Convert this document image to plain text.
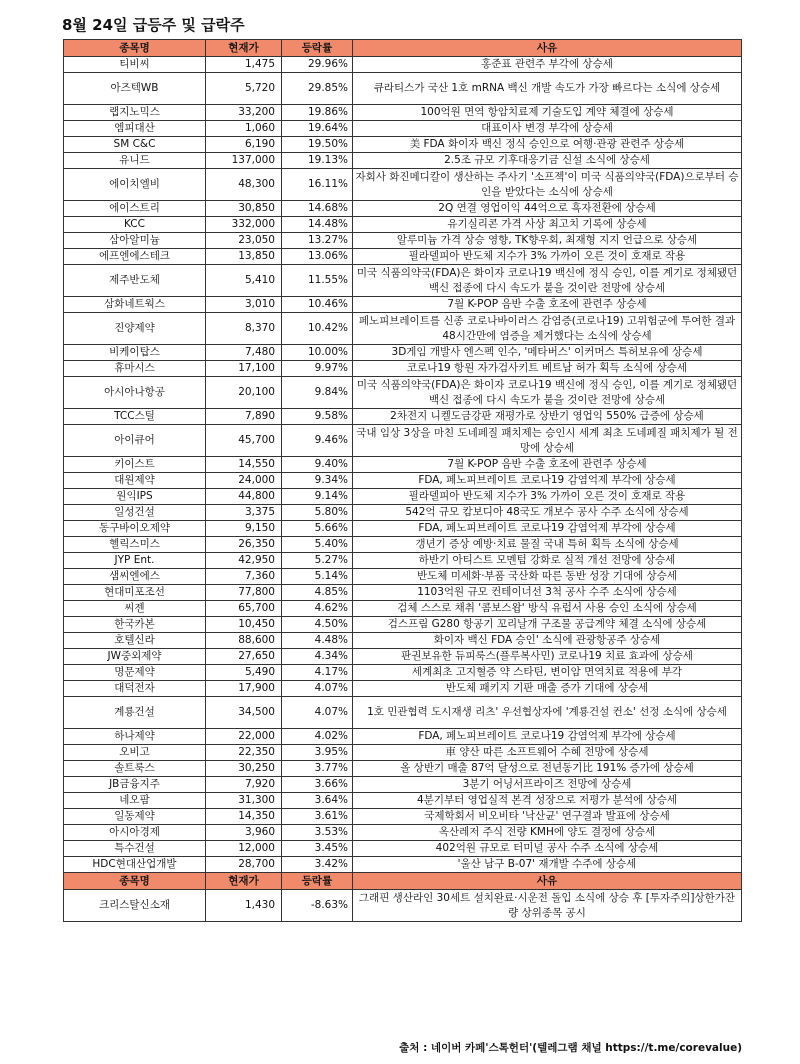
8월 24일 급등주 및 급락주
종목명	현재가	등락률	사유
티비씨	1,475	29.96%	홍준표 관련주 부각에 상승세
아즈텍WB	5,720	29.85%	큐라티스가 국산 1호 mRNA 백신 개발 속도가 가장 빠르다는 소식에 상승세
랩지노믹스	33,200	19.86%	100억원 면역 항암치료제 기술도입 계약 체결에 상승세
엠피대산	1,060	19.64%	대표이사 변경 부각에 상승세
SM C&C	6,190	19.50%	美 FDA 화이자 백신 정식 승인으로 여행·관광 관련주 상승세
유니드	137,000	19.13%	2.5조 규모 기후대응기금 신설 소식에 상승세
에이치엘비	48,300	16.11%	자회사 화진메디칼이 생산하는 주사기 '소프젝'이 미국 식품의약국(FDA)으로부터 승인을 받았다는 소식에 상승세
에이스트리	30,850	14.68%	2Q 연결 영업이익 44억으로 흑자전환에 상승세
KCC	332,000	14.48%	유기실리콘 가격 사상 최고치 기록에 상승세
삼아알미늄	23,050	13.27%	알루미늄 가격 상승 영향, TK향우회, 최재형 지지 언급으로 상승세
에프엔에스테크	13,850	13.06%	필라델피아 반도체 지수가 3% 가까이 오른 것이 호재로 작용
제주반도체	5,410	11.55%	미국 식품의약국(FDA)은 화이자 코로나19 백신에 정식 승인, 이를 계기로 정체됐던 백신 접종에 다시 속도가 붙을 것이란 전망에 상승세
삼화네트웍스	3,010	10.46%	7월 K-POP 음반 수출 호조에 관련주 상승세
진양제약	8,370	10.42%	페노피브레이트를 신종 코로나바이러스 감염증(코로나19) 고위험군에 투여한 결과 48시간만에 염증을 제거했다는 소식에 상승세
비케이탑스	7,480	10.00%	3D게임 개발사 엔스펙 인수, '메타버스' 이커머스 특허보유에 상승세
휴마시스	17,100	9.97%	코로나19 항원 자가검사키트 베트남 허가 획득 소식에 상승세
아시아나항공	20,100	9.84%	미국 식품의약국(FDA)은 화이자 코로나19 백신에 정식 승인, 이를 계기로 정체됐던 백신 접종에 다시 속도가 붙을 것이란 전망에 상승세
TCC스틸	7,890	9.58%	2차전지 니켈도금강판 재평가로 상반기 영업익 550% 급증에 상승세
아이큐어	45,700	9.46%	국내 임상 3상을 마친 도네페질 패치제는 승인시 세계 최초 도네페질 패치제가 될 전망에 상승세
키이스트	14,550	9.40%	7월 K-POP 음반 수출 호조에 관련주 상승세
대원제약	24,000	9.34%	FDA, 페노피브레이트 코로나19 감염억제 부각에 상승세
원익IPS	44,800	9.14%	필라델피아 반도체 지수가 3% 가까이 오른 것이 호재로 작용
일성건설	3,375	5.80%	542억 규모 캄보디아 48국도 개보수 공사 수주 소식에 상승세
동구바이오제약	9,150	5.66%	FDA, 페노피브레이트 코로나19 감염억제 부각에 상승세
헬릭스미스	26,350	5.40%	갱년기 증상 예방·치료 물질 국내 특허 획득 소식에 상승세
JYP Ent.	42,950	5.27%	하반기 아티스트 모멘텀 강화로 실적 개선 전망에 상승세
샘씨엔에스	7,360	5.14%	반도체 미세화·부품 국산화 따른 동반 성장 기대에 상승세
현대미포조선	77,800	4.85%	1103억원 규모 컨테이너선 3척 공사 수주 소식에 상승세
씨젠	65,700	4.62%	검체 스스로 채취 '콤보스왑' 방식 유럽서 사용 승인 소식에 상승세
한국카본	10,450	4.50%	검스프림 G280 항공기 꼬리날개 구조물 공급계약 체결 소식에 상승세
호텔신라	88,600	4.48%	화이자 백신 FDA 승인' 소식에 관광항공주 상승세
JW중외제약	27,650	4.34%	판권보유한 듀피룩스(플루복사민) 코로나19 치료 효과에 상승세
명문제약	5,490	4.17%	세계최초 고지혈증 약 스타틴, 변이암 면역치료 적용에 부각
대덕전자	17,900	4.07%	반도체 패키지 기판 매출 증가 기대에 상승세
계룡건설	34,500	4.07%	1호 민관협력 도시재생 리츠' 우선협상자에 '계룡건설 컨소' 선정 소식에 상승세
하나제약	22,000	4.02%	FDA, 페노피브레이트 코로나19 감염억제 부각에 상승세
오비고	22,350	3.95%	車 양산 따른 소프트웨어 수혜 전망에 상승세
솔트룩스	30,250	3.77%	올 상반기 매출 87억 달성으로 전년동기比 191% 증가에 상승세
JB금융지주	7,920	3.66%	3분기 어닝서프라이즈 전망에 상승세
네오팜	31,300	3.64%	4분기부터 영업실적 본격 성장으로 저평가 분석에 상승세
일동제약	14,350	3.61%	국제학회서 비오비타 '낙산균' 연구결과 발표에 상승세
아시아경제	3,960	3.53%	옥산레저 주식 전량 KMH에 양도 결정에 상승세
특수건설	12,000	3.45%	402억원 규모로 터미널 공사 수주 소식에 상승세
HDC현대산업개발	28,700	3.42%	'울산 남구 B-07' 재개발 수주에 상승세
종목명	현재가	등락률	사유
크리스탈신소재	1,430	-8.63%	그래핀 생산라인 30세트 설치완료·시운전 돌입 소식에 상승 후 [투자주의]상한가잔량 상위종목 공시
출처 : 네이버 카페'스톡헌터'(텔레그램 채널 https://t.me/corevalue)
